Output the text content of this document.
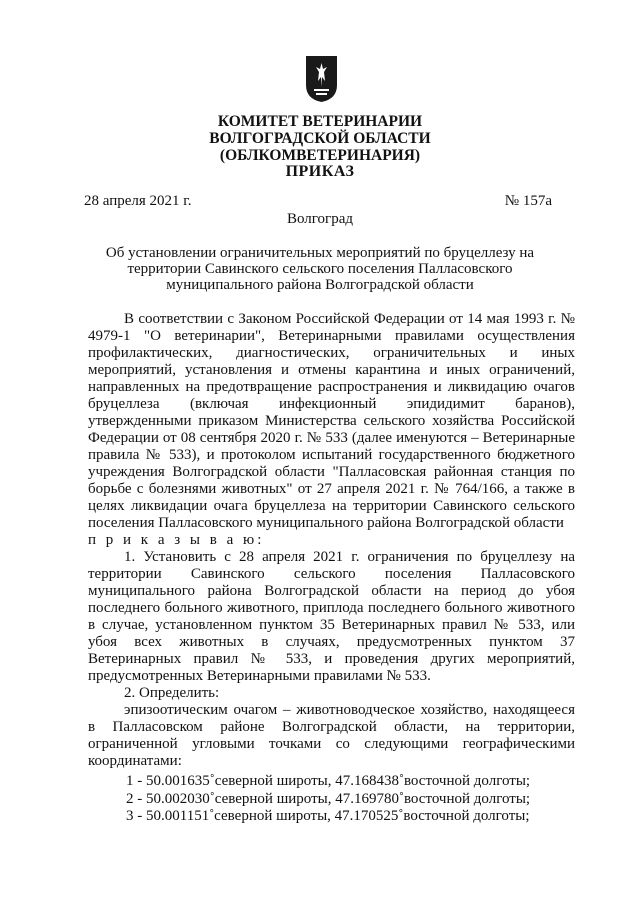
КОМИТЕТ ВЕТЕРИНАРИИ
ВОЛГОГРАДСКОЙ ОБЛАСТИ
(ОБЛКОМВЕТЕРИНАРИЯ)
ПРИКАЗ
28 апреля 2021 г.	№ 157а
Волгоград
Об установлении ограничительных мероприятий по бруцеллезу на
территории Савинского сельского поселения Палласовского
муниципального района Волгоградской области

В соответствии с Законом Российской Федерации от 14 мая 1993 г. № 4979-1 "О ветеринарии", Ветеринарными правилами осуществления профилактических, диагностических, ограничительных и иных мероприятий, установления и отмены карантина и иных ограничений, направленных на предотвращение распространения и ликвидацию очагов бруцеллеза (включая инфекционный эпидидимит баранов), утвержденными приказом Министерства сельского хозяйства Российской Федерации от 08 сентября 2020 г. № 533 (далее именуются – Ветеринарные правила № 533), и протоколом испытаний государственного бюджетного учреждения Волгоградской области "Палласовская районная станция по борьбе с болезнями животных" от 27 апреля 2021 г. № 764/166, а также в целях ликвидации очага бруцеллеза на территории Савинского сельского поселения Палласовского муниципального района Волгоградской области

п р и к а з ы в а ю:

1. Установить с 28 апреля 2021 г. ограничения по бруцеллезу на территории Савинского сельского поселения Палласовского муниципального района Волгоградской области на период до убоя последнего больного животного, приплода последнего больного животного в случае, установленном пунктом 35 Ветеринарных правил № 533, или убоя всех животных в случаях, предусмотренных пунктом 37 Ветеринарных правил № 533, и проведения других мероприятий, предусмотренных Ветеринарными правилами № 533.

2. Определить:

эпизоотическим очагом – животноводческое хозяйство, находящееся в Палласовском районе Волгоградской области, на территории, ограниченной угловыми точками со следующими географическими координатами:

1 - 50.001635˚северной широты, 47.168438˚восточной долготы;
2 - 50.002030˚северной широты, 47.169780˚восточной долготы;
3 - 50.001151˚северной широты, 47.170525˚восточной долготы;
